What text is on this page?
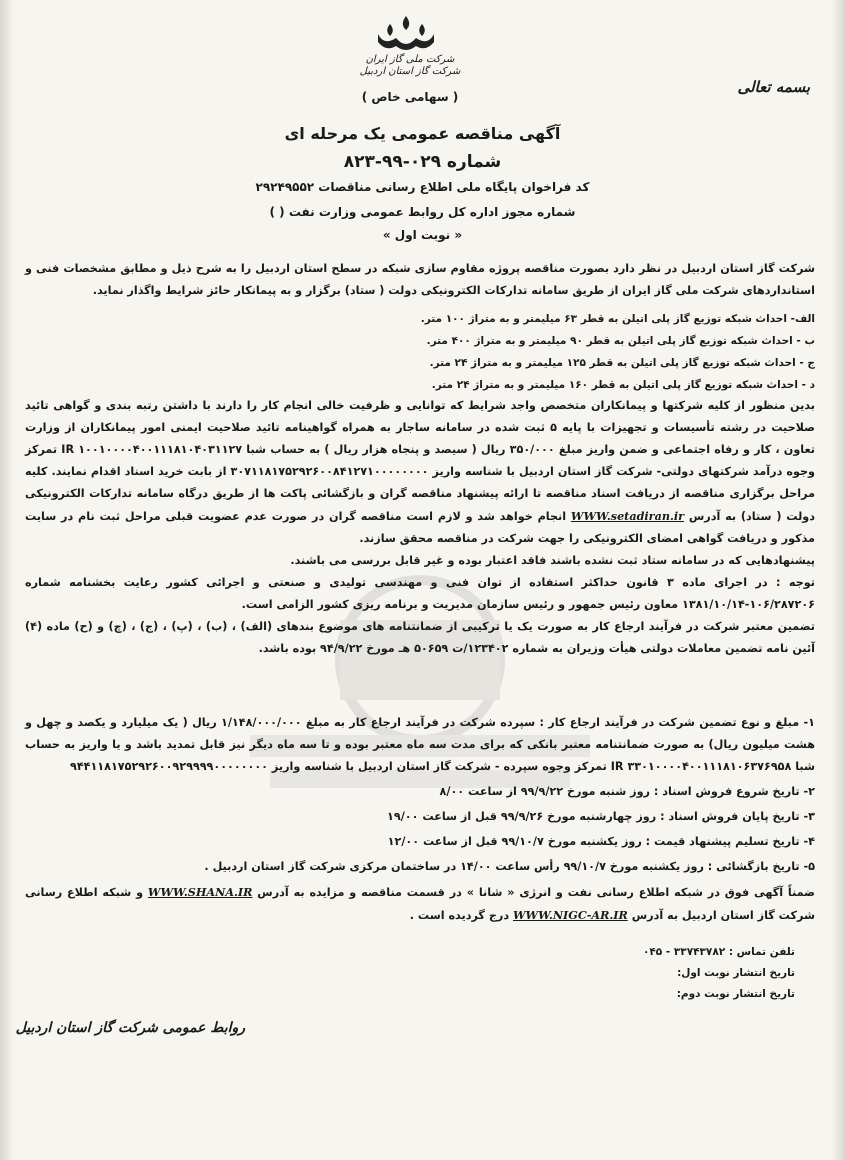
شرکت ملی گاز ایران
شرکت گاز استان اردبیل
( سهامی خاص )
بسمه تعالی
آگهی مناقصه عمومی یک مرحله ای
شماره ۰۲۹-۹۹-۸۲۳
کد فراخوان پایگاه ملی اطلاع رسانی مناقصات ۲۹۲۴۹۵۵۲
شماره مجوز اداره کل روابط عمومی وزارت نفت ( )
« نوبت اول »

شرکت گاز استان اردبیل در نظر دارد بصورت مناقصه پروژه مقاوم سازی شبکه در سطح استان اردبیل را به شرح ذیل و مطابق مشخصات فنی و استانداردهای شرکت ملی گاز ایران از طریق سامانه تدارکات الکترونیکی دولت ( ستاد) برگزار و به پیمانکار حائز شرایط واگذار نماید.

الف- احداث شبکه توزیع گاز پلی اتیلن به قطر ۶۳ میلیمتر و به متراژ ۱۰۰ متر.

ب - احداث شبکه توزیع گاز پلی اتیلن به قطر ۹۰ میلیمتر و به متراژ ۴۰۰ متر.

ج - احداث شبکه توزیع گاز پلی اتیلن به قطر ۱۲۵ میلیمتر و به متراژ ۲۴ متر.

د - احداث شبکه توزیع گاز پلی اتیلن به قطر ۱۶۰ میلیمتر و به متراژ ۲۴ متر.

بدین منظور از کلیه شرکتها و پیمانکاران متخصص واجد شرایط که توانایی و ظرفیت خالی انجام کار را دارند با داشتن رتبه بندی و گواهی تائید صلاحیت در رشته تأسیسات و تجهیزات با پایه ۵ ثبت شده در سامانه ساجار به همراه گواهینامه تائید صلاحیت ایمنی امور پیمانکاران از وزارت تعاون ، کار و رفاه اجتماعی و ضمن واریز مبلغ ۳۵۰/۰۰۰ ریال ( سیصد و پنجاه هزار ریال ) به حساب شبا IR ۱۰۰۱۰۰۰۰۴۰۰۱۱۱۸۱۰۴۰۳۱۱۲۷ تمرکز وجوه درآمد شرکتهای دولتی- شرکت گاز استان اردبیل با شناسه واریز ۳۰۷۱۱۸۱۷۵۲۹۲۶۰۰۸۴۱۲۷۱۰۰۰۰۰۰۰۰ از بابت خرید اسناد اقدام نمایند. کلیه مراحل برگزاری مناقصه از دریافت اسناد مناقصه تا ارائه پیشنهاد مناقصه گران و بازگشائی پاکت ها از طریق درگاه سامانه تدارکات الکترونیکی دولت ( ستاد) به آدرس WWW.setadiran.ir انجام خواهد شد و لازم است مناقصه گران در صورت عدم عضویت قبلی مراحل ثبت نام در سایت مذکور و دریافت گواهی امضای الکترونیکی را جهت شرکت در مناقصه محقق سازند.

پیشنهادهایی که در سامانه ستاد ثبت نشده باشند فاقد اعتبار بوده و غیر قابل بررسی می باشند.

توجه : در اجرای ماده ۳ قانون حداکثر استفاده از توان فنی و مهندسی تولیدی و صنعتی و اجرائی کشور رعایت بخشنامه شماره ۱۰۶/۲۸۷۲۰۶-۱۳۸۱/۱۰/۱۴ معاون رئیس جمهور و رئیس سازمان مدیریت و برنامه ریزی کشور الزامی است.

تضمین معتبر شرکت در فرآیند ارجاع کار به صورت یک یا ترکیبی از ضمانتنامه های موضوع بندهای (الف) ، (ب) ، (پ) ، (ج) ، (چ) و (ح) ماده (۴) آئین نامه تضمین معاملات دولتی هیأت وزیران به شماره ۱۲۳۴۰۲/ت ۵۰۶۵۹ هـ مورخ ۹۴/۹/۲۲ بوده باشد.

۱- مبلغ و نوع تضمین شرکت در فرآیند ارجاع کار : سپرده شرکت در فرآیند ارجاع کار به مبلغ ۱/۱۴۸/۰۰۰/۰۰۰ ریال ( یک میلیارد و یکصد و چهل و هشت میلیون ریال) به صورت ضمانتنامه معتبر بانکی که برای مدت سه ماه معتبر بوده و تا سه ماه دیگر نیز قابل تمدید باشد و یا واریز به حساب شبا IR ۳۳۰۱۰۰۰۰۴۰۰۱۱۱۸۱۰۶۳۷۶۹۵۸ تمرکز وجوه سپرده - شرکت گاز استان اردبیل با شناسه واریز ۹۴۴۱۱۸۱۷۵۲۹۲۶۰۰۹۲۹۹۹۹۰۰۰۰۰۰۰۰

۲- تاریخ شروع فروش اسناد : روز شنبه مورخ ۹۹/۹/۲۲ از ساعت ۸/۰۰

۳- تاریخ پایان فروش اسناد : روز چهارشنبه مورخ ۹۹/۹/۲۶ قبل از ساعت ۱۹/۰۰

۴- تاریخ تسلیم پیشنهاد قیمت : روز یکشنبه مورخ ۹۹/۱۰/۷ قبل از ساعت ۱۲/۰۰

۵- تاریخ بازگشائی : روز یکشنبه مورخ ۹۹/۱۰/۷ رأس ساعت ۱۴/۰۰ در ساختمان مرکزی شرکت گاز استان اردبیل .

ضمناً آگهی فوق در شبکه اطلاع رسانی نفت و انرژی « شانا » در قسمت مناقصه و مزایده به آدرس WWW.SHANA.IR و شبکه اطلاع رسانی شرکت گاز استان اردبیل به آدرس WWW.NIGC-AR.IR درج گردیده است .

تلفن تماس : ۳۳۷۴۳۷۸۲ - ۰۴۵

تاریخ انتشار نوبت اول:

تاریخ انتشار نوبت دوم:

روابط عمومی شرکت گاز استان اردبیل
